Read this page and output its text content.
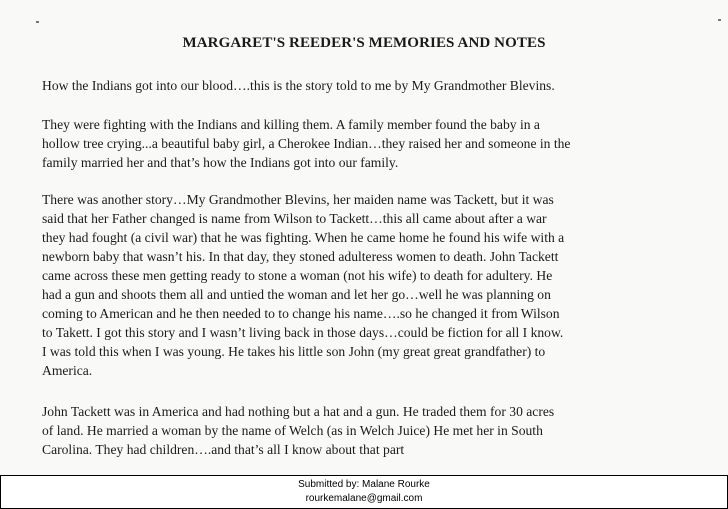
MARGARET'S REEDER'S MEMORIES AND NOTES
How the Indians got into our blood….this is the story told to me by My Grandmother Blevins.
They were fighting with the Indians and killing them. A family member found the baby in a
hollow tree crying...a beautiful baby girl, a Cherokee Indian…they raised her and someone in the
family married her and that’s how the Indians got into our family.
There was another story…My Grandmother Blevins, her maiden name was Tackett, but it was
said that her Father changed is name from Wilson to Tackett…this all came about after a war
they had fought (a civil war) that he was fighting. When he came home he found his wife with a
newborn baby that wasn’t his. In that day, they stoned adulteress women to death. John Tackett
came across these men getting ready to stone a woman (not his wife) to death for adultery. He
had a gun and shoots them all and untied the woman and let her go…well he was planning on
coming to American and he then needed to to change his name….so he changed it from Wilson
to Takett. I got this story and I wasn’t living back in those days…could be fiction for all I know.
I was told this when I was young. He takes his little son John (my great great grandfather) to
America.
John Tackett was in America and had nothing but a hat and a gun. He traded them for 30 acres
of land. He married a woman by the name of Welch (as in Welch Juice) He met her in South
Carolina. They had children….and that’s all I know about that part
Submitted by: Malane Rourke
rourkemalane@gmail.com
